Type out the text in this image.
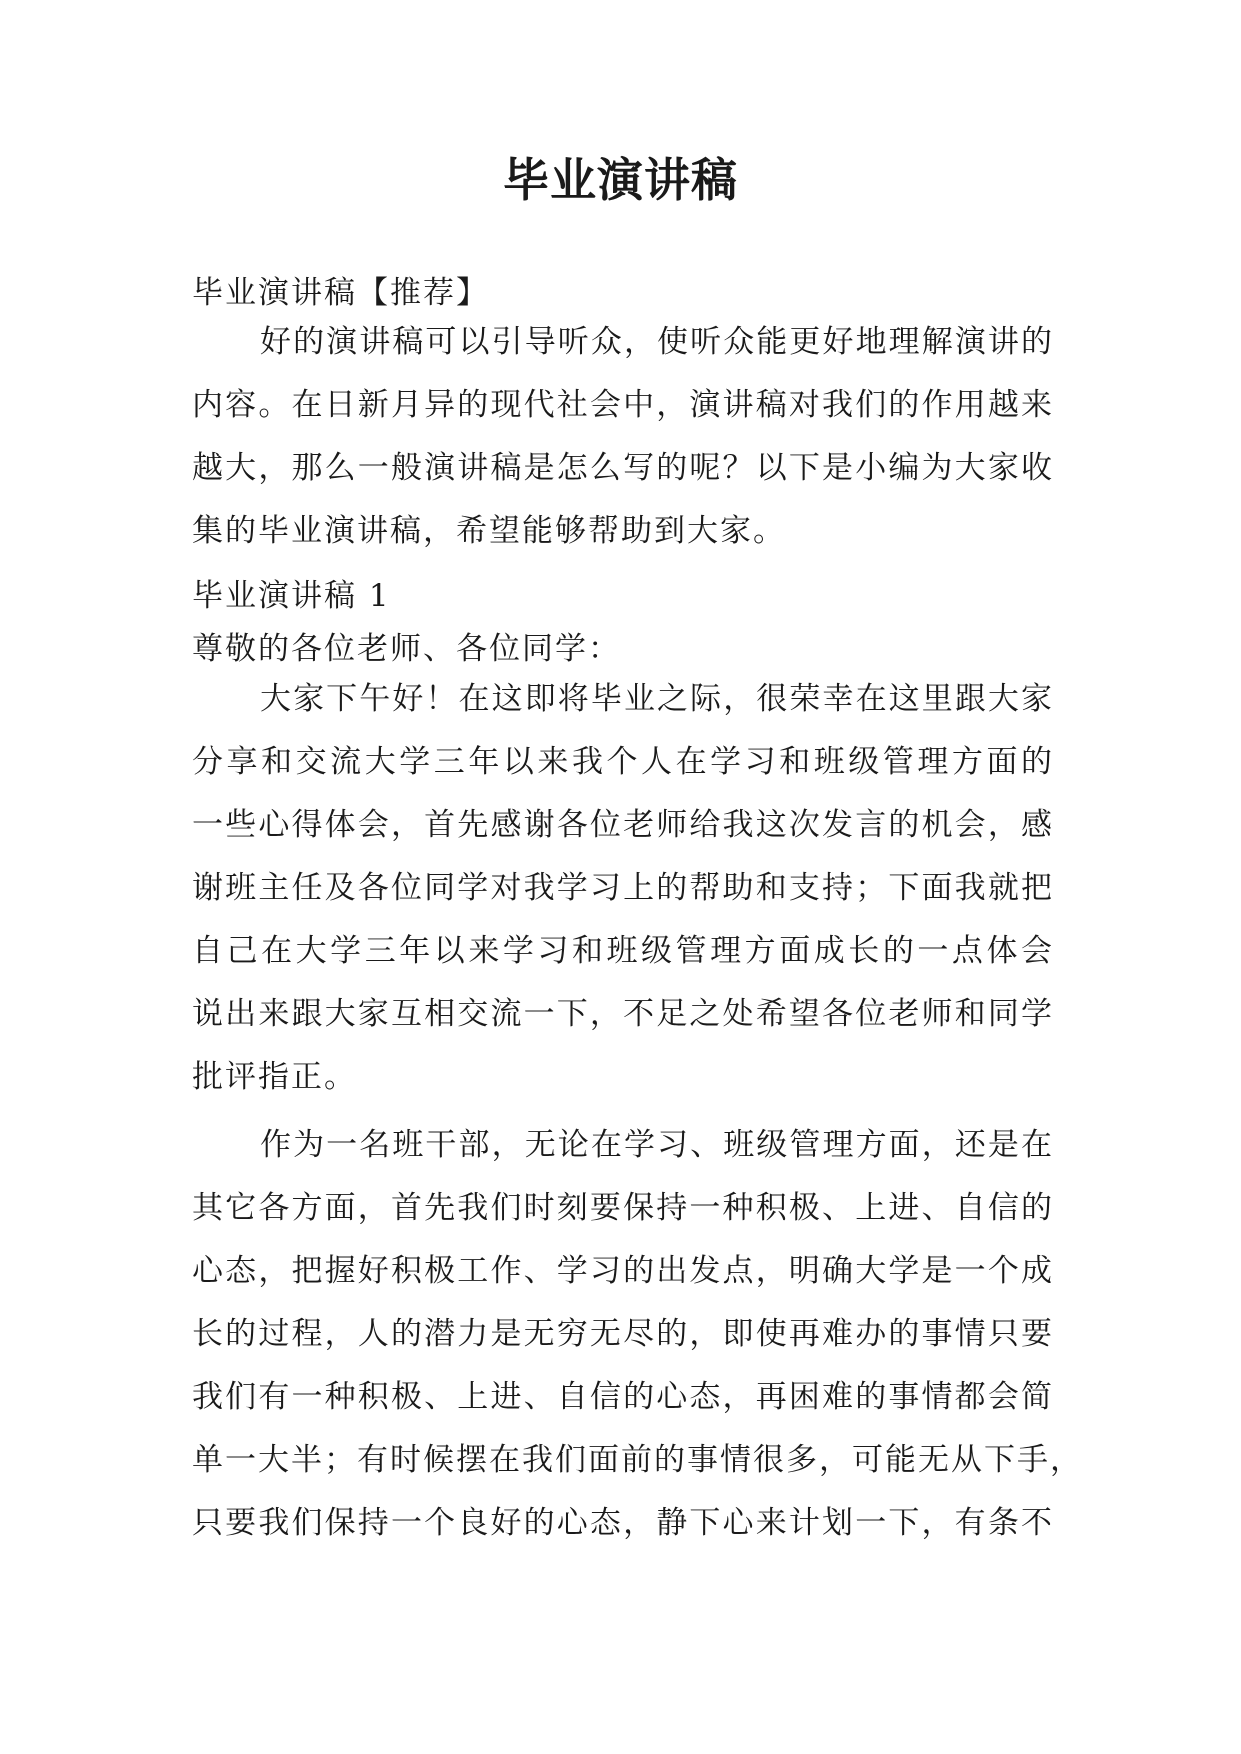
毕业演讲稿
毕业演讲稿【推荐】
好的演讲稿可以引导听众，使听众能更好地理解演讲的
内容。在日新月异的现代社会中，演讲稿对我们的作用越来
越大，那么一般演讲稿是怎么写的呢？以下是小编为大家收
集的毕业演讲稿，希望能够帮助到大家。
毕业演讲稿 1
尊敬的各位老师、各位同学：
大家下午好！在这即将毕业之际，很荣幸在这里跟大家
分享和交流大学三年以来我个人在学习和班级管理方面的
一些心得体会，首先感谢各位老师给我这次发言的机会，感
谢班主任及各位同学对我学习上的帮助和支持；下面我就把
自己在大学三年以来学习和班级管理方面成长的一点体会
说出来跟大家互相交流一下，不足之处希望各位老师和同学
批评指正。
作为一名班干部，无论在学习、班级管理方面，还是在
其它各方面，首先我们时刻要保持一种积极、上进、自信的
心态，把握好积极工作、学习的出发点，明确大学是一个成
长的过程，人的潜力是无穷无尽的，即使再难办的事情只要
我们有一种积极、上进、自信的心态，再困难的事情都会简
单一大半；有时候摆在我们面前的事情很多，可能无从下手，
只要我们保持一个良好的心态，静下心来计划一下，有条不
